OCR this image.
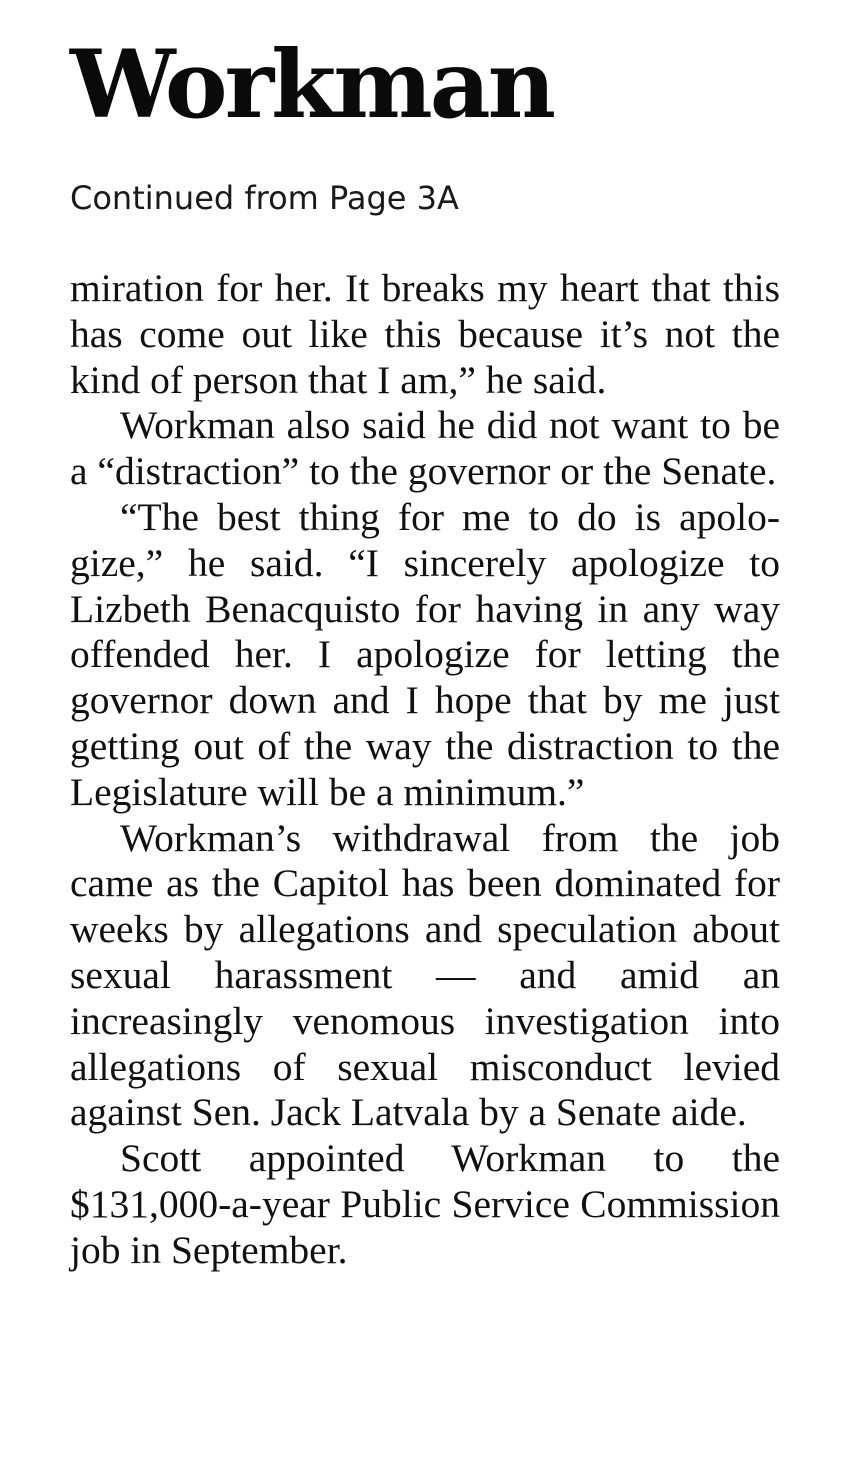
Workman
Continued from Page 3A

miration for her. It breaks my heart that this has come out like this because it’s not the kind of person that I am,” he said.

Workman also said he did not want to be a “distraction” to the governor or the Senate.

“The best thing for me to do is apologize,” he said. “I sincerely apologize to Lizbeth Benacquisto for having in any way offended her. I apologize for letting the governor down and I hope that by me just getting out of the way the distraction to the Legislature will be a minimum.”

Workman’s withdrawal from the job came as the Capitol has been dominated for weeks by allegations and speculation about sexual harassment — and amid an increasingly venomous investigation into allegations of sexual misconduct levied against Sen. Jack Latvala by a Senate aide.

Scott appointed Workman to the $131,000-a-year Public Service Commission job in September.
